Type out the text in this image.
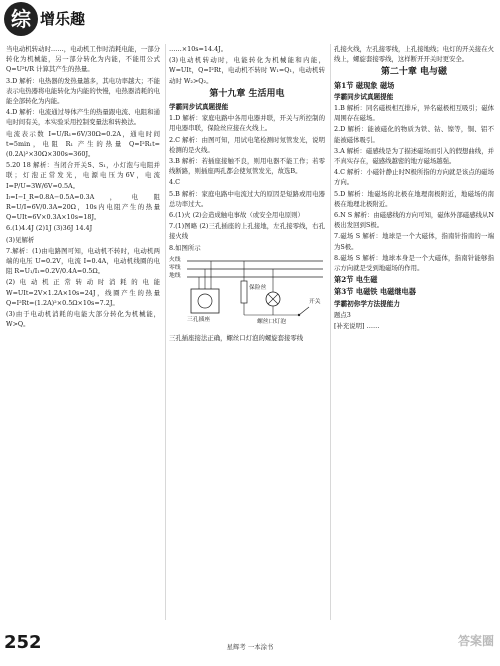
综 增乐趣
当电动机转动时……，电动机工作时消耗电能，一部分转化为机械能，另一部分转化为内能，不能用公式 Q=U²t/R 计算其产生的热量。
3.D 解析：电热器的发热量越多，其电功率越大；不能表示电热器将电能转化为内能的快慢，电热器消耗的电能全部转化为内能。
4.D 解析：电流通过导体产生的热量跟电流、电阻和通电时间有关，本实验采用控制变量法和转换法。
电流表示数 I=U/R₁=6V/30Ω=0.2A，通电时间 t=5min，电阻 R₁ 产生的热量 Q=I²R₁t=(0.2A)²×30Ω×300s=360J。
5.20 18 解析：当闭合开关S、S₁，小灯泡与电阻并联；灯泡正常发光，电源电压为6V，电流 I=P/U=3W/6V=0.5A。
Iₗ=I−I_R=0.8A−0.5A=0.3A，电阻 R=U/I=6V/0.3A=20Ω，10s内电阻产生的热量 Q=UIt=6V×0.3A×10s=18J。
6.(1)4.4J (2)1J (3)36J 14.4J
(3)见解析
7.解析：(1)由电路图可知，电动机不转时，电动机两端的电压 U=0.2V，电流 I=0.4A，电动机线圈的电阻 R=U₁/I₁=0.2V/0.4A=0.5Ω。
(2)电动机正常转动时消耗的电能 W=UIt=2V×1.2A×10s=24J，线圈产生的热量 Q=I²Rt=(1.2A)²×0.5Ω×10s=7.2J。
(3)由于电动机消耗的电能大部分转化为机械能，W>Q。
……×10s=14.4J。
(3)电动机转动时，电能转化为机械能和内能，W=UIt，Q=I²Rt，电动机不转时 W₁=Q₁，电动机转动时 W₂>Q₂。
第十九章 生活用电
学霸同步试真题提能
1.D 解析：家庭电路中各用电器并联，开关与所控制的用电器串联，保险丝应接在火线上。
2.C 解析：由图可知，用试电笔检测时氖管发光，说明检测的是火线。
3.B 解析：若插座接触不良，则用电器不能工作；若零线断路，则插座两孔都会使氖管发光，故选B。
4.C
5.B 解析：家庭电路中电流过大的原因是短路或用电器总功率过大。
6.(1)火 (2)会造成触电事故（或安全用电原则）
7.(1)图略 (2)三孔插座的上孔接地，左孔接零线，右孔接火线
8.如图所示
火线
零线
地线
三孔插座
保险丝
螺丝口灯泡
开关
三孔插座接法正确，螺丝口灯泡的螺旋套接零线
孔接火线，左孔接零线，上孔接地线；电灯的开关接在火线上，螺旋套接零线，这样断开开关时更安全。
第二十章 电与磁
第1节 磁现象 磁场
学霸同步试真题提能
1.B 解析：同名磁极相互排斥，异名磁极相互吸引；磁体周围存在磁场。
2.D 解析：能被磁化的物质为铁、钴、镍等，铜、铝不能被磁体吸引。
3.A 解析：磁感线是为了描述磁场而引入的假想曲线，并不真实存在，磁感线越密的地方磁场越强。
4.C 解析：小磁针静止时N极所指的方向就是该点的磁场方向。
5.D 解析：地磁场的北极在地理南极附近，地磁场的南极在地理北极附近。
6.N S 解析：由磁感线的方向可知，磁体外部磁感线从N极出发回到S极。
7.磁场 S 解析：地球是一个大磁体，指南针指南的一端为S极。
8.磁场 S 解析：地球本身是一个大磁体，指南针能够指示方向就是受到地磁场的作用。
第2节 电生磁
第3节 电磁铁 电磁继电器
学霸初你学方法提能力
题点3
[补充说明] ……
252	星辉考 一本涂书	答案圈
